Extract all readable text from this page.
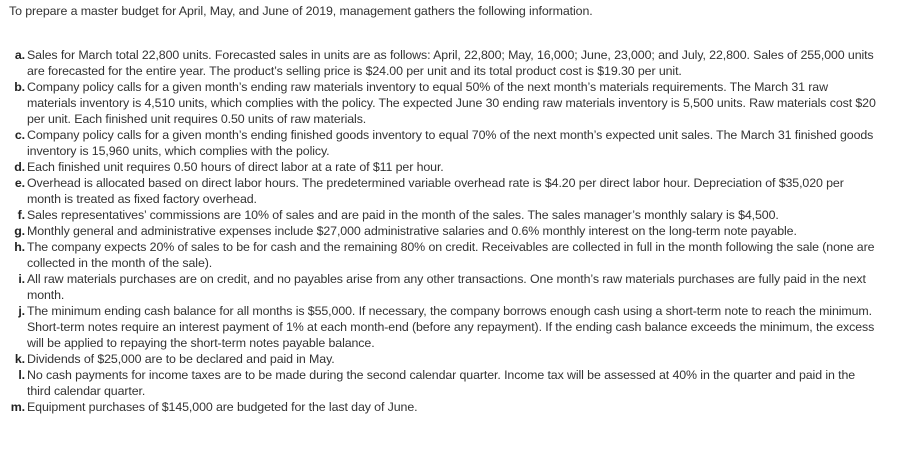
To prepare a master budget for April, May, and June of 2019, management gathers the following information.
a. Sales for March total 22,800 units. Forecasted sales in units are as follows: April, 22,800; May, 16,000; June, 23,000; and July, 22,800. Sales of 255,000 units are forecasted for the entire year. The product’s selling price is $24.00 per unit and its total product cost is $19.30 per unit.
b. Company policy calls for a given month’s ending raw materials inventory to equal 50% of the next month’s materials requirements. The March 31 raw materials inventory is 4,510 units, which complies with the policy. The expected June 30 ending raw materials inventory is 5,500 units. Raw materials cost $20 per unit. Each finished unit requires 0.50 units of raw materials.
c. Company policy calls for a given month’s ending finished goods inventory to equal 70% of the next month’s expected unit sales. The March 31 finished goods inventory is 15,960 units, which complies with the policy.
d. Each finished unit requires 0.50 hours of direct labor at a rate of $11 per hour.
e. Overhead is allocated based on direct labor hours. The predetermined variable overhead rate is $4.20 per direct labor hour. Depreciation of $35,020 per month is treated as fixed factory overhead.
f. Sales representatives’ commissions are 10% of sales and are paid in the month of the sales. The sales manager’s monthly salary is $4,500.
g. Monthly general and administrative expenses include $27,000 administrative salaries and 0.6% monthly interest on the long-term note payable.
h. The company expects 20% of sales to be for cash and the remaining 80% on credit. Receivables are collected in full in the month following the sale (none are collected in the month of the sale).
i. All raw materials purchases are on credit, and no payables arise from any other transactions. One month’s raw materials purchases are fully paid in the next month.
j. The minimum ending cash balance for all months is $55,000. If necessary, the company borrows enough cash using a short-term note to reach the minimum. Short-term notes require an interest payment of 1% at each month-end (before any repayment). If the ending cash balance exceeds the minimum, the excess will be applied to repaying the short-term notes payable balance.
k. Dividends of $25,000 are to be declared and paid in May.
l. No cash payments for income taxes are to be made during the second calendar quarter. Income tax will be assessed at 40% in the quarter and paid in the third calendar quarter.
m. Equipment purchases of $145,000 are budgeted for the last day of June.
